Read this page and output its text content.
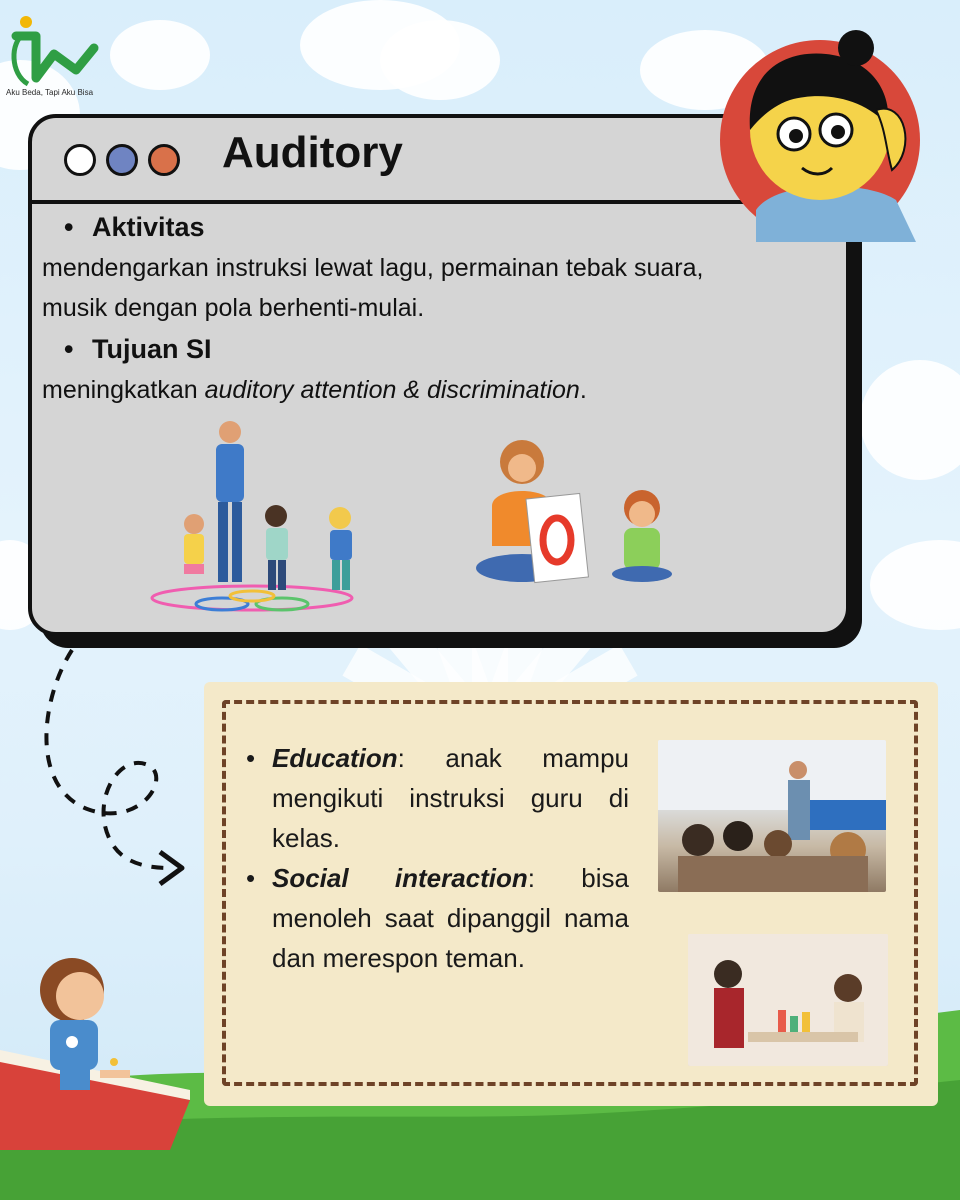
Aku Beda, Tapi Aku Bisa
Auditory
• Aktivitas
mendengarkan instruksi lewat lagu, permainan tebak suara,
musik dengan pola berhenti-mulai.
• Tujuan SI
meningkatkan auditory attention & discrimination.
• Education: anak mampu mengikuti instruksi guru di kelas.
• Social interaction: bisa menoleh saat dipanggil nama dan merespon teman.
